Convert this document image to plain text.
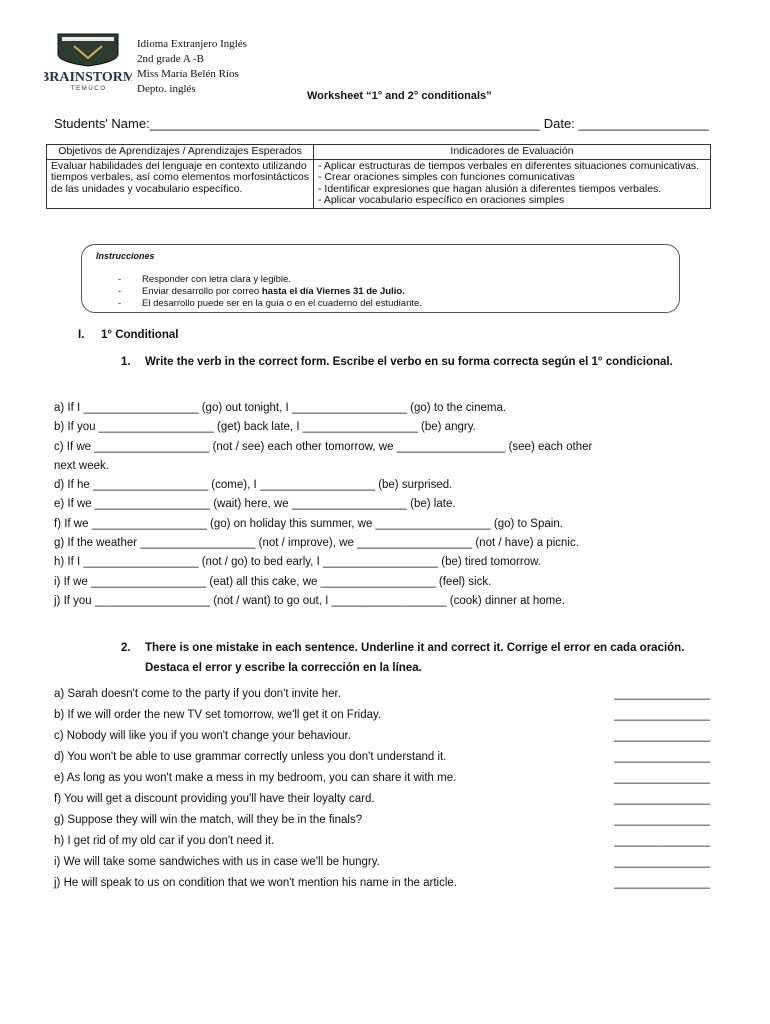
BRAINSTORM
T E M U C O
Idioma Extranjero Inglés
2nd grade A -B
Miss María Belén Ríos
Depto. inglés
Worksheet “1° and 2° conditionals”
Students' Name:______________________________________________________ Date: __________________
Objetivos de Aprendizajes / Aprendizajes Esperados	Indicadores de Evaluación
Evaluar habilidades del lenguaje en contexto utilizando tiempos verbales, así como elementos morfosintácticos de las unidades y vocabulario específico.	- Aplicar estructuras de tiempos verbales en diferentes situaciones comunicativas.
- Crear oraciones simples con funciones comunicativas
- Identificar expresiones que hagan alusión a diferentes tiempos verbales.
- Aplicar vocabulario específico en oraciones simples
Instrucciones
- Responder con letra clara y legible.
- Enviar desarrollo por correo hasta el día Viernes 31 de Julio.
- El desarrollo puede ser en la guía o en el cuaderno del estudiante.
I. 1° Conditional
1. Write the verb in the correct form. Escribe el verbo en su forma correcta según el 1° condicional.
a) If I __________________ (go) out tonight, I __________________ (go) to the cinema.
b) If you __________________ (get) back late, I __________________ (be) angry.
c) If we __________________ (not / see) each other tomorrow, we _________________ (see) each other
next week.
d) If he __________________ (come), I __________________ (be) surprised.
e) If we __________________ (wait) here, we __________________ (be) late.
f) If we __________________ (go) on holiday this summer, we __________________ (go) to Spain.
g) If the weather __________________ (not / improve), we __________________ (not / have) a picnic.
h) If I __________________ (not / go) to bed early, I __________________ (be) tired tomorrow.
i) If we __________________ (eat) all this cake, we __________________ (feel) sick.
j) If you __________________ (not / want) to go out, I __________________ (cook) dinner at home.
2. There is one mistake in each sentence. Underline it and correct it. Corrige el error en cada oración. Destaca el error y escribe la corrección en la línea.
a) Sarah doesn't come to the party if you don't invite her.	_______________
b) If we will order the new TV set tomorrow, we'll get it on Friday.	_______________
c) Nobody will like you if you won't change your behaviour.	_______________
d) You won't be able to use grammar correctly unless you don't understand it.	_______________
e) As long as you won't make a mess in my bedroom, you can share it with me.	_______________
f) You will get a discount providing you'll have their loyalty card.	_______________
g) Suppose they will win the match, will they be in the finals?	_______________
h) I get rid of my old car if you don't need it.	_______________
i) We will take some sandwiches with us in case we'll be hungry.	_______________
j) He will speak to us on condition that we won't mention his name in the article.	_______________
